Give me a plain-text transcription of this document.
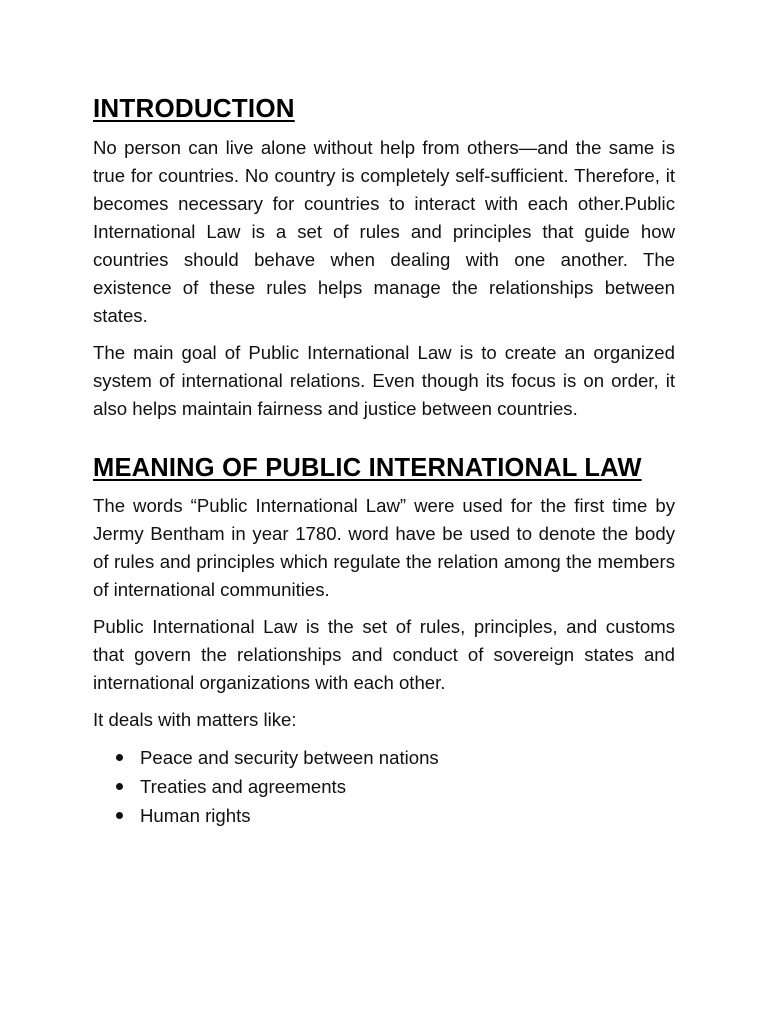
INTRODUCTION

No person can live alone without help from others—and the same is true for countries. No country is completely self-sufficient. Therefore, it becomes necessary for countries to interact with each other.Public International Law is a set of rules and principles that guide how countries should behave when dealing with one another. The existence of these rules helps manage the relationships between states.

The main goal of Public International Law is to create an organized system of international relations. Even though its focus is on order, it also helps maintain fairness and justice between countries.

MEANING OF PUBLIC INTERNATIONAL LAW

The words “Public International Law” were used for the first time by Jermy Bentham in year 1780. word have be used to denote the body of rules and principles which regulate the relation among the members of international communities.

Public International Law is the set of rules, principles, and customs that govern the relationships and conduct of sovereign states and international organizations with each other.

It deals with matters like:

Peace and security between nations
Treaties and agreements
Human rights
